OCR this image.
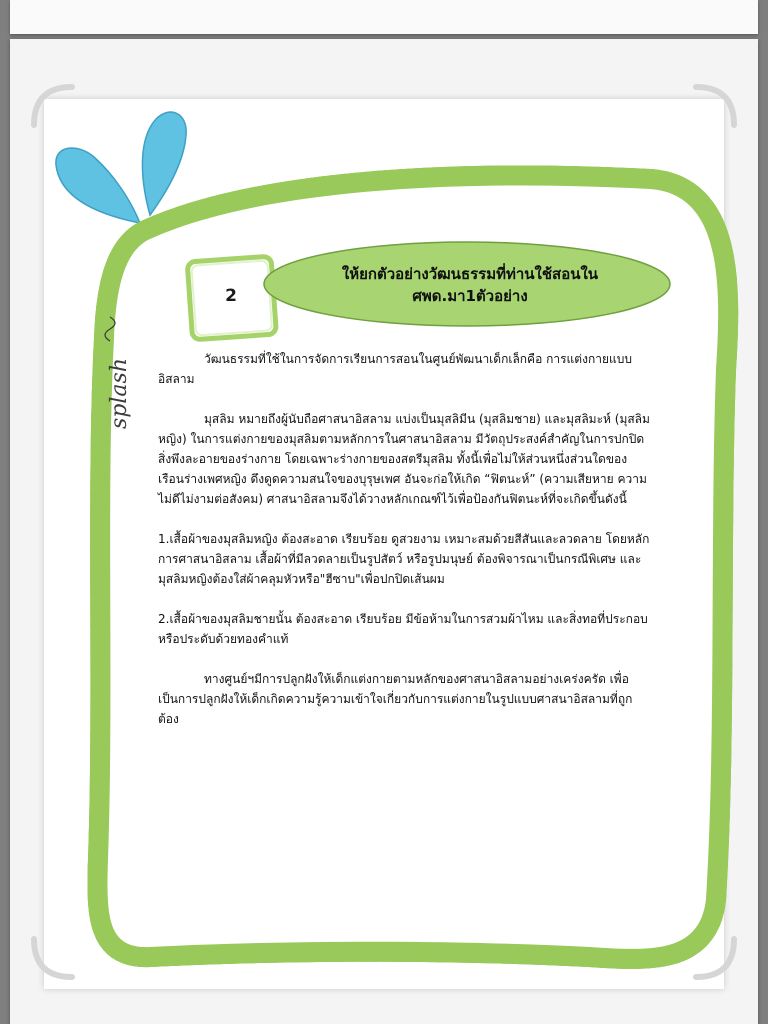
splash
2
ให้ยกตัวอย่างวัฒนธรรมที่ท่านใช้สอนใน
ศพด.มา1ตัวอย่าง

วัฒนธรรมที่ใช้ในการจัดการเรียนการสอนในศูนย์พัฒนาเด็กเล็กคือ การแต่งกายแบบอิสลาม

มุสลิม หมายถึงผู้นับถือศาสนาอิสลาม แบ่งเป็นมุสลิมีน (มุสลิมชาย) และมุสลิมะห์ (มุสลิมหญิง) ในการแต่งกายของมุสลิมตามหลักการในศาสนาอิสลาม มีวัตถุประสงค์สำคัญในการปกปิดสิ่งพึงละอายของร่างกาย โดยเฉพาะร่างกายของสตรีมุสลิม ทั้งนี้เพื่อไม่ให้ส่วนหนึ่งส่วนใดของเรือนร่างเพศหญิง ดึงดูดความสนใจของบุรุษเพศ อันจะก่อให้เกิด “ฟิตนะห์” (ความเสียหาย ความไม่ดีไม่งามต่อสังคม) ศาสนาอิสลามจึงได้วางหลักเกณฑ์ไว้เพื่อป้องกันฟิตนะห์ที่จะเกิดขึ้นดังนี้

1.เสื้อผ้าของมุสลิมหญิง ต้องสะอาด เรียบร้อย ดูสวยงาม เหมาะสมด้วยสีสันและลวดลาย โดยหลักการศาสนาอิสลาม เสื้อผ้าที่มีลวดลายเป็นรูปสัตว์ หรือรูปมนุษย์ ต้องพิจารณาเป็นกรณีพิเศษ และมุสลิมหญิงต้องใส่ผ้าคลุมหัวหรือ"ฮีซาบ"เพื่อปกปิดเส้นผม

2.เสื้อผ้าของมุสลิมชายนั้น ต้องสะอาด เรียบร้อย มีข้อห้ามในการสวมผ้าไหม และสิ่งทอที่ประกอบหรือประดับด้วยทองคำแท้

ทางศูนย์ฯมีการปลูกฝังให้เด็กแต่งกายตามหลักของศาสนาอิสลามอย่างเคร่งครัด เพื่อเป็นการปลูกฝังให้เด็กเกิดความรู้ความเข้าใจเกี่ยวกับการแต่งกายในรูปแบบศาสนาอิสลามที่ถูกต้อง
